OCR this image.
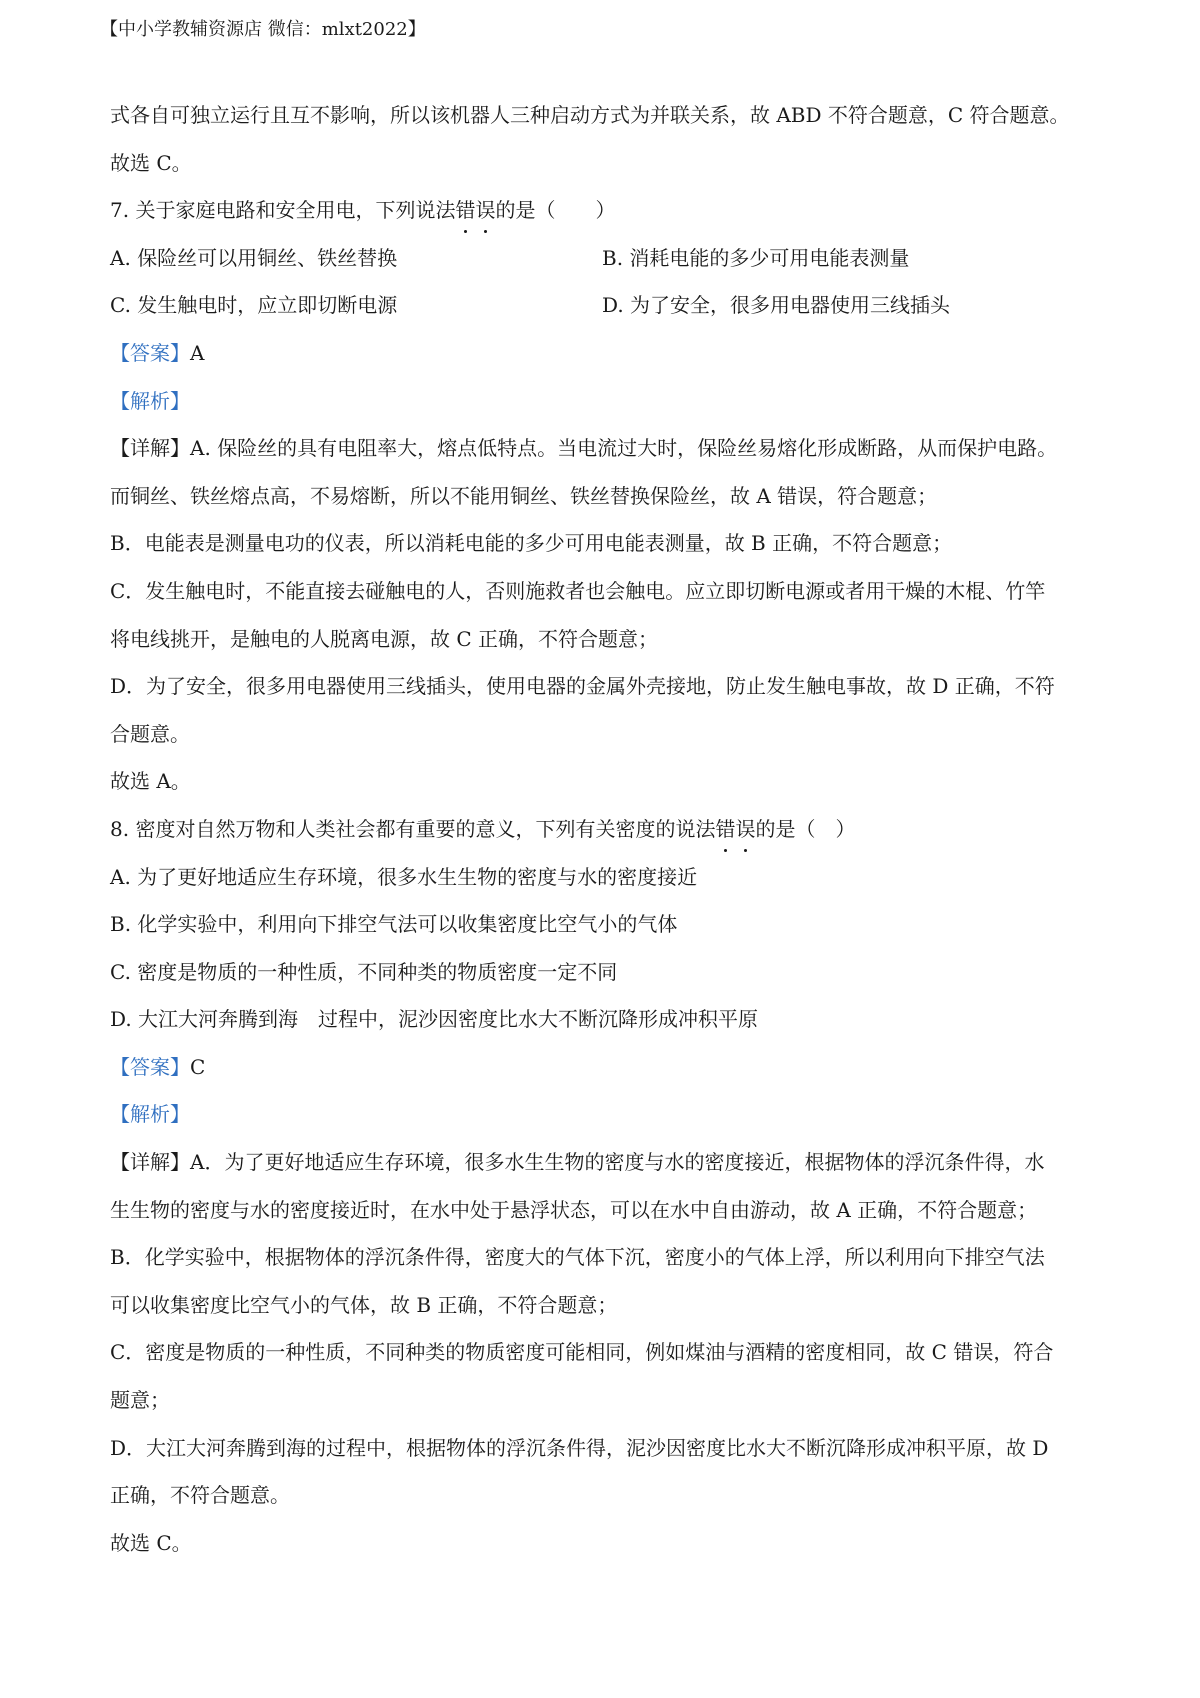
【中小学教辅资源店 微信：mlxt2022】
式各自可独立运行且互不影响，所以该机器人三种启动方式为并联关系，故 ABD 不符合题意，C 符合题意。
故选 C。
7. 关于家庭电路和安全用电，下列说法错误的是（　　）
A. 保险丝可以用铜丝、铁丝替换	B. 消耗电能的多少可用电能表测量
C. 发生触电时，应立即切断电源	D. 为了安全，很多用电器使用三线插头
【答案】A
【解析】
【详解】A. 保险丝的具有电阻率大，熔点低特点。当电流过大时，保险丝易熔化形成断路，从而保护电路。
而铜丝、铁丝熔点高，不易熔断，所以不能用铜丝、铁丝替换保险丝，故 A 错误，符合题意；
B．电能表是测量电功的仪表，所以消耗电能的多少可用电能表测量，故 B 正确，不符合题意；
C．发生触电时，不能直接去碰触电的人，否则施救者也会触电。应立即切断电源或者用干燥的木棍、竹竿
将电线挑开，是触电的人脱离电源，故 C 正确，不符合题意；
D．为了安全，很多用电器使用三线插头，使用电器的金属外壳接地，防止发生触电事故，故 D 正确，不符
合题意。
故选 A。
8. 密度对自然万物和人类社会都有重要的意义，下列有关密度的说法错误的是（　）
A. 为了更好地适应生存环境，很多水生生物的密度与水的密度接近
B. 化学实验中，利用向下排空气法可以收集密度比空气小的气体
C. 密度是物质的一种性质，不同种类的物质密度一定不同
D. 大江大河奔腾到海　过程中，泥沙因密度比水大不断沉降形成冲积平原
【答案】C
【解析】
【详解】A．为了更好地适应生存环境，很多水生生物的密度与水的密度接近，根据物体的浮沉条件得，水
生生物的密度与水的密度接近时，在水中处于悬浮状态，可以在水中自由游动，故 A 正确，不符合题意；
B．化学实验中，根据物体的浮沉条件得，密度大的气体下沉，密度小的气体上浮，所以利用向下排空气法
可以收集密度比空气小的气体，故 B 正确，不符合题意；
C．密度是物质的一种性质，不同种类的物质密度可能相同，例如煤油与酒精的密度相同，故 C 错误，符合
题意；
D．大江大河奔腾到海的过程中，根据物体的浮沉条件得，泥沙因密度比水大不断沉降形成冲积平原，故 D
正确，不符合题意。
故选 C。
